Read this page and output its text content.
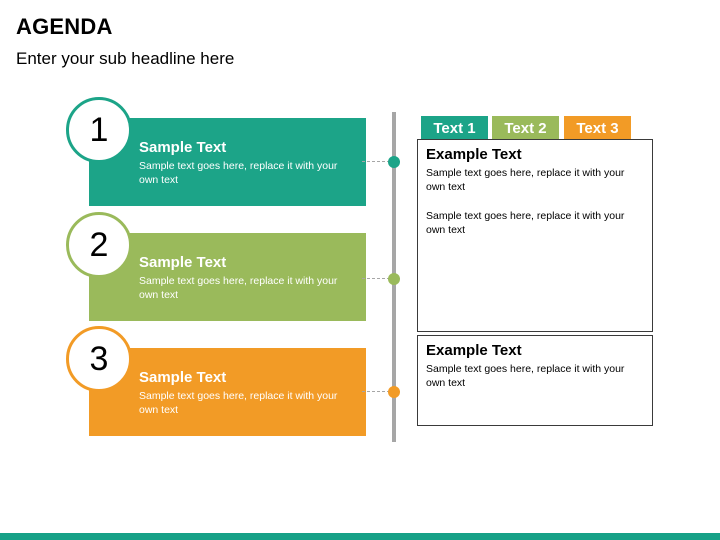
AGENDA
Enter your sub headline here
Sample Text
Sample text goes here, replace it with your own text
Sample Text
Sample text goes here, replace it with your own text
Sample Text
Sample text goes here, replace it with your own text
1
2
3
Text 1	Text 2	Text 3
Example Text
Sample text goes here, replace it with your own text
Sample text goes here, replace it with your own text
Example Text
Sample text goes here, replace it with your own text
